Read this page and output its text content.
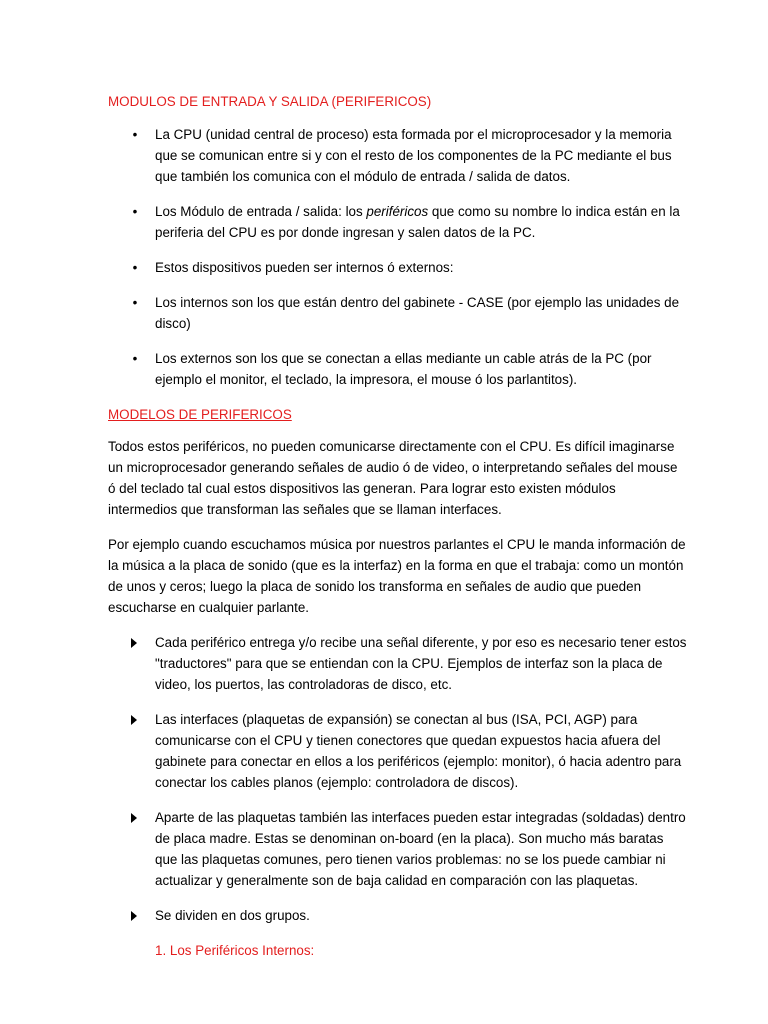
MODULOS DE ENTRADA Y SALIDA (PERIFERICOS)
• La CPU (unidad central de proceso) esta formada por el microprocesador y la memoria que se comunican entre si y con el resto de los componentes de la PC mediante el bus que también los comunica con el módulo de entrada / salida de datos.
• Los Módulo de entrada / salida: los periféricos que como su nombre lo indica están en la periferia del CPU es por donde ingresan y salen datos de la PC.
• Estos dispositivos pueden ser internos ó externos:
• Los internos son los que están dentro del gabinete - CASE (por ejemplo las unidades de disco)
• Los externos son los que se conectan a ellas mediante un cable atrás de la PC (por ejemplo el monitor, el teclado, la impresora, el mouse ó los parlantitos).
MODELOS DE PERIFERICOS

Todos estos periféricos, no pueden comunicarse directamente con el CPU. Es difícil imaginarse un microprocesador generando señales de audio ó de video, o interpretando señales del mouse ó del teclado tal cual estos dispositivos las generan. Para lograr esto existen módulos intermedios que transforman las señales que se llaman interfaces.

Por ejemplo cuando escuchamos música por nuestros parlantes el CPU le manda información de la música a la placa de sonido (que es la interfaz) en la forma en que el trabaja: como un montón de unos y ceros; luego la placa de sonido los transforma en señales de audio que pueden escucharse en cualquier parlante.

Cada periférico entrega y/o recibe una señal diferente, y por eso es necesario tener estos "traductores" para que se entiendan con la CPU. Ejemplos de interfaz son la placa de video, los puertos, las controladoras de disco, etc.
Las interfaces (plaquetas de expansión) se conectan al bus (ISA, PCI, AGP) para comunicarse con el CPU y tienen conectores que quedan expuestos hacia afuera del gabinete para conectar en ellos a los periféricos (ejemplo: monitor), ó hacia adentro para conectar los cables planos (ejemplo: controladora de discos).
Aparte de las plaquetas también las interfaces pueden estar integradas (soldadas) dentro de placa madre. Estas se denominan on-board (en la placa). Son mucho más baratas que las plaquetas comunes, pero tienen varios problemas: no se los puede cambiar ni actualizar y generalmente son de baja calidad en comparación con las plaquetas.
Se dividen en dos grupos.
1. Los Periféricos Internos:
